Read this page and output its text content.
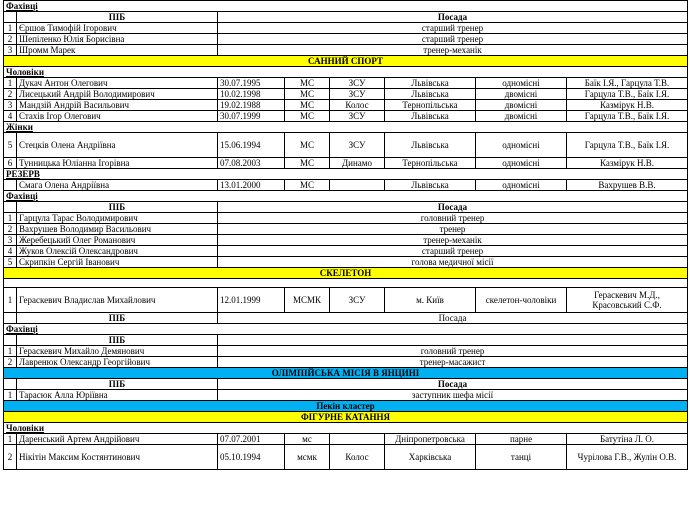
Фахівці							
	ПІБ	Посада					
1	Єршов Тимофій Ігорович	старший тренер					
2	Шепіленко Юлія Борисівна	старший тренер					
3	Шромм Марек	тренер-механік					
САННИЙ СПОРТ							
Чоловіки							
1	Дукач Антон Олегович	30.07.1995	МС	ЗСУ	Львівська	одномісні	Баїк І.Я., Гарцула Т.В.
2	Лисецький Андрій Володимирович	10.02.1998	МС	ЗСУ	Львівська	двомісні	Гарцула Т.В., Баїк І.Я.
3	Мандзій Андрій Васильович	19.02.1988	МС	Колос	Тернопільська	двомісні	Казмірук Н.В.
4	Стахів Ігор Олегович	30.07.1999	МС	ЗСУ	Львівська	двомісні	Гарцула Т.В., Баїк І.Я.
Жінки							
5	Стецків Олена Андріївна	15.06.1994	МС	ЗСУ	Львівська	одномісні	Гарцула Т.В., Баїк І.Я.
6	Тунницька Юліанна Ігорівна	07.08.2003	МС	Динамо	Тернопільська	одномісні	Казмірук Н.В.
РЕЗЕРВ							
	Смага Олена Андріївна	13.01.2000	МС		Львівська	одномісні	Вахрушев В.В.
Фахівці							
	ПІБ	Посада					
1	Гарцула Тарас Володимирович	головний тренер					
2	Вахрушев Володимир Васильович	тренер					
3	Жеребецький Олег Романович	тренер-механік					
4	Жуков Олексій Олександрович	старший тренер					
5	Скрипкін Сергій Іванович	голова медичної місії					
СКЕЛЕТОН							

1	Гераскевич Владислав Михайлович	12.01.1999	МСМК	ЗСУ	м. Київ	скелетон-чоловіки	Гераскевич М.Д., Красовський С.Ф.
	ПІБ	Посада					
Фахівці							
	ПІБ						
1	Гераскевич Михайло Демянович	головний тренер					
2	Лавренюк Олександр Георгійович	тренер-масажист					
ОЛІМПІЙСЬКА МІСІЯ В ЯНЦИНІ							
	ПІБ	Посада					
1	Тарасюк Алла Юріївна	заступник шефа місії					
Пекін кластер							
ФІГУРНЕ КАТАННЯ							
Чоловіки							
1	Даренський Артем Андрійович	07.07.2001	мс		Дніпропетровська	парне	Батутіна Л. О.
2	Нікітін Максим Костянтинович	05.10.1994	мсмк	Колос	Харківська	танці	Чурілова Г.В., Жулін О.В.
